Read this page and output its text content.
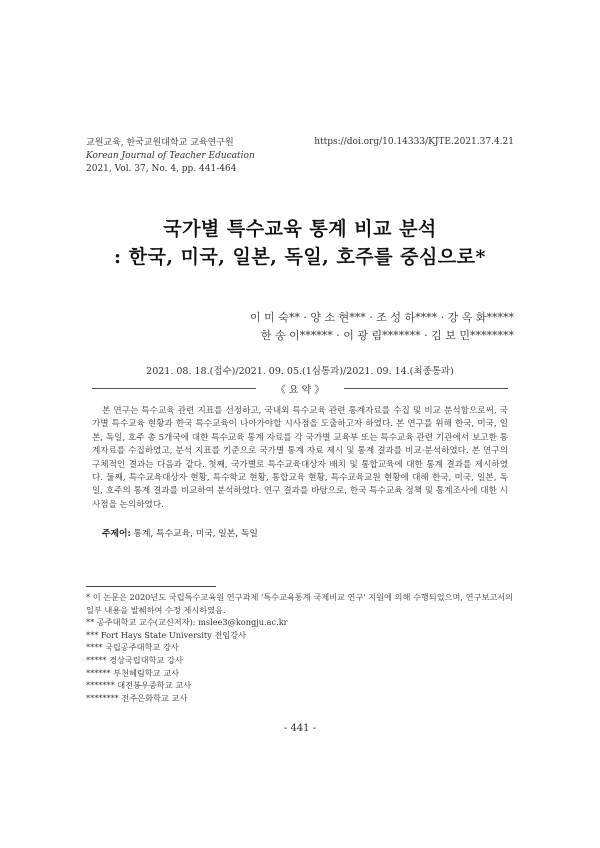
교원교육, 한국교원대학교 교육연구원
Korean Journal of Teacher Education
2021, Vol. 37, No. 4, pp. 441-464
https://doi.org/10.14333/KJTE.2021.37.4.21
국가별 특수교육 통계 비교 분석
: 한국, 미국, 일본, 독일, 호주를 중심으로*
이 미 숙** · 양 소 현*** · 조 성 하**** · 강 옥 화*****
한 송 이****** · 이 광 림******* · 김 보 민********
2021. 08. 18.(접수)/2021. 09. 05.(1심통과)/2021. 09. 14.(최종통과)
《 요 약 》
본 연구는 특수교육 관련 지표를 선정하고, 국내외 특수교육 관련 통계자료를 수집 및 비교 분석함으로써, 국가별 특수교육 현황과 한국 특수교육이 나아가야할 시사점을 도출하고자 하였다. 본 연구를 위해 한국, 미국, 일본, 독일, 호주 총 5개국에 대한 특수교육 통계 자료를 각 국가별 교육부 또는 특수교육 관련 기관에서 보고한 통계자료를 수집하였고, 분석 지표를 기준으로 국가별 통계 자료 제시 및 통계 결과를 비교·분석하였다. 본 연구의 구체적인 결과는 다음과 같다. 첫째, 국가별로 특수교육대상자 배치 및 통합교육에 대한 통계 결과를 제시하였다. 둘째, 특수교육대상자 현황, 특수학교 현황, 통합교육 현황, 특수교육교원 현황에 대해 한국, 미국, 일본, 독일, 호주의 통계 결과를 비교하여 분석하였다. 연구 결과를 바탕으로, 한국 특수교육 정책 및 통계조사에 대한 시사점을 논의하였다.
주제어: 통계, 특수교육, 미국, 일본, 독일
* 이 논문은 2020년도 국립특수교육원 연구과제 '특수교육통계 국제비교 연구' 지원에 의해 수행되었으며, 연구보고서의 일부 내용을 발췌하여 수정 제시하였음.
** 공주대학교 교수(교신저자): mslee3@kongju.ac.kr
*** Fort Hays State University 전임강사
**** 국립공주대학교 강사
***** 경상국립대학교 강사
****** 부천혜림학교 교사
******* 대전봉우중학교 교사
******** 전주은화학교 교사
- 441 -
